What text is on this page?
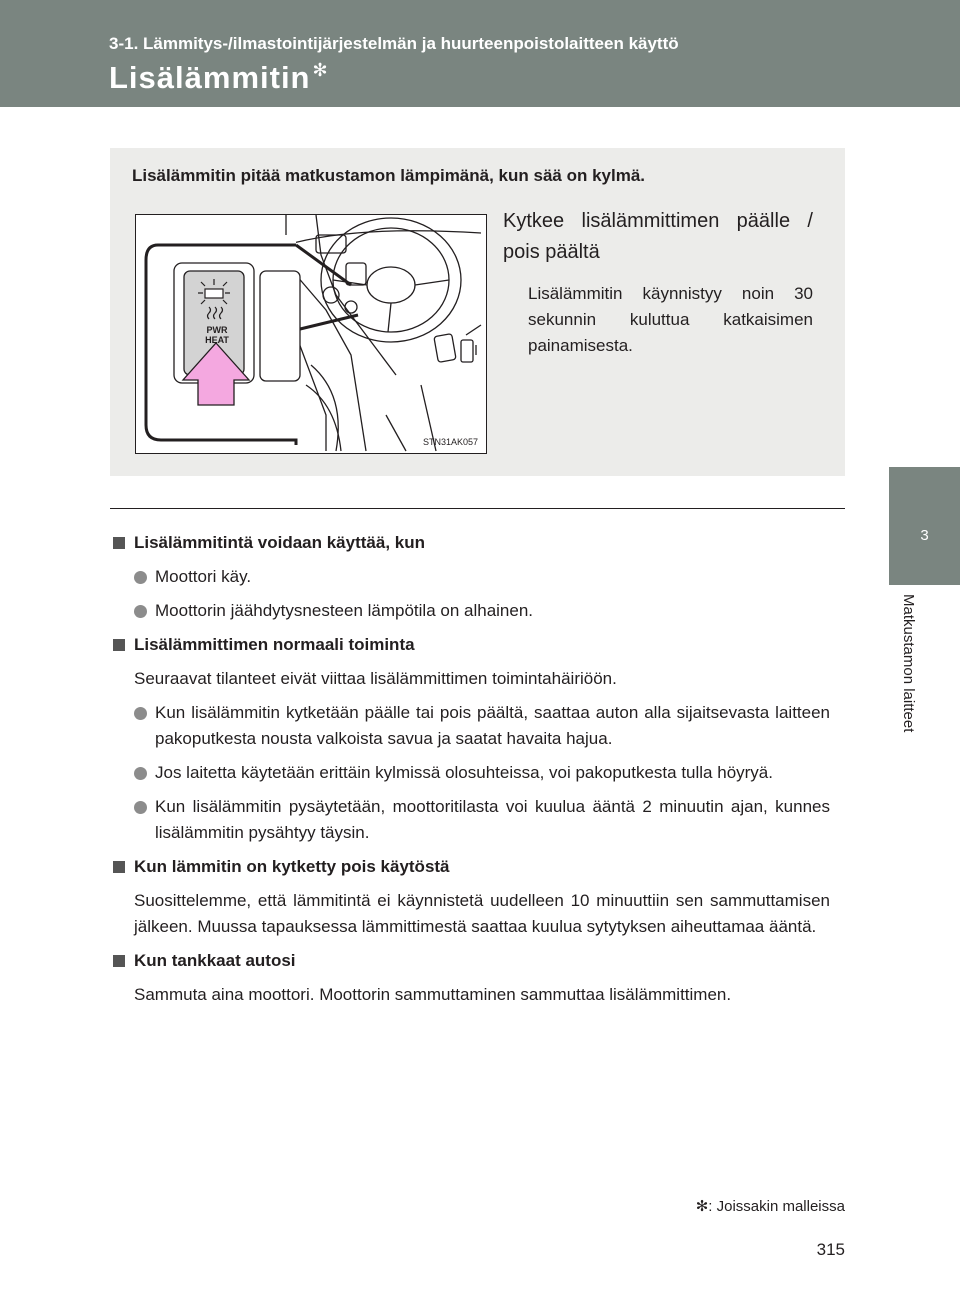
3-1. Lämmitys-/ilmastointijärjestelmän ja huurteenpoistolaitteen käyttö
Lisälämmitin ✻
3
Matkustamon laitteet
Lisälämmitin pitää matkustamon lämpimänä, kun sää on kylmä.
PWR
HEAT
STN31AK057
Kytkee lisälämmittimen päälle / pois päältä
Lisälämmitin käynnistyy noin 30 sekunnin kuluttua katkaisimen painamisesta.
Lisälämmitintä voidaan käyttää, kun
Moottori käy.
Moottorin jäähdytysnesteen lämpötila on alhainen.
Lisälämmittimen normaali toiminta
Seuraavat tilanteet eivät viittaa lisälämmittimen toimintahäiriöön.
Kun lisälämmitin kytketään päälle tai pois päältä, saattaa auton alla sijaitsevasta laitteen pakoputkesta nousta valkoista savua ja saatat havaita hajua.
Jos laitetta käytetään erittäin kylmissä olosuhteissa, voi pakoputkesta tulla höyryä.
Kun lisälämmitin pysäytetään, moottoritilasta voi kuulua ääntä 2 minuutin ajan, kunnes lisälämmitin pysähtyy täysin.
Kun lämmitin on kytketty pois käytöstä
Suosittelemme, että lämmitintä ei käynnistetä uudelleen 10 minuuttiin sen sammuttamisen jälkeen. Muussa tapauksessa lämmittimestä saattaa kuulua sytytyksen aiheuttamaa ääntä.
Kun tankkaat autosi
Sammuta aina moottori. Moottorin sammuttaminen sammuttaa lisälämmittimen.
✻: Joissakin malleissa
315
